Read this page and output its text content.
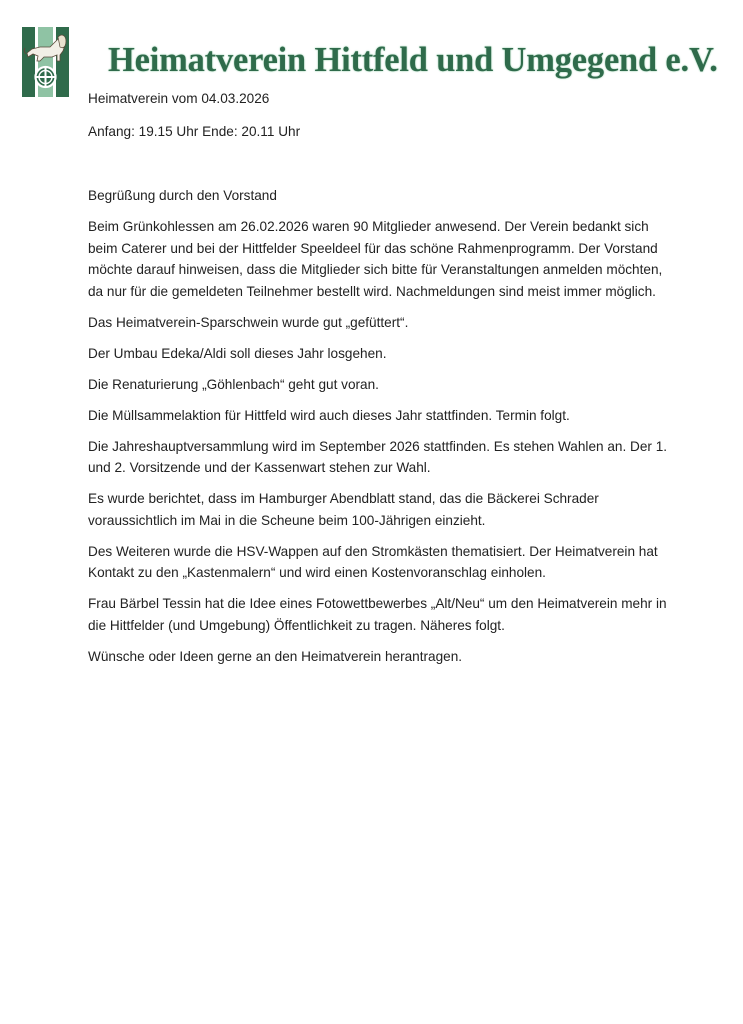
Heimatverein Hittfeld und Umgegend e.V.

Heimatverein vom 04.03.2026

Anfang: 19.15 Uhr Ende: 20.11 Uhr

Begrüßung durch den Vorstand

Beim Grünkohlessen am 26.02.2026 waren 90 Mitglieder anwesend. Der Verein bedankt sich beim Caterer und bei der Hittfelder Speeldeel für das schöne Rahmenprogramm. Der Vorstand möchte darauf hinweisen, dass die Mitglieder sich bitte für Veranstaltungen anmelden möchten, da nur für die gemeldeten Teilnehmer bestellt wird. Nachmeldungen sind meist immer möglich.

Das Heimatverein-Sparschwein wurde gut „gefüttert“.

Der Umbau Edeka/Aldi soll dieses Jahr losgehen.

Die Renaturierung „Göhlenbach“ geht gut voran.

Die Müllsammelaktion für Hittfeld wird auch dieses Jahr stattfinden. Termin folgt.

Die Jahreshauptversammlung wird im September 2026 stattfinden. Es stehen Wahlen an. Der 1. und 2. Vorsitzende und der Kassenwart stehen zur Wahl.

Es wurde berichtet, dass im Hamburger Abendblatt stand, das die Bäckerei Schrader voraussichtlich im Mai in die Scheune beim 100-Jährigen einzieht.

Des Weiteren wurde die HSV-Wappen auf den Stromkästen thematisiert. Der Heimatverein hat Kontakt zu den „Kastenmalern“ und wird einen Kostenvoranschlag einholen.

Frau Bärbel Tessin hat die Idee eines Fotowettbewerbes „Alt/Neu“ um den Heimatverein mehr in die Hittfelder (und Umgebung) Öffentlichkeit zu tragen. Näheres folgt.

Wünsche oder Ideen gerne an den Heimatverein herantragen.
